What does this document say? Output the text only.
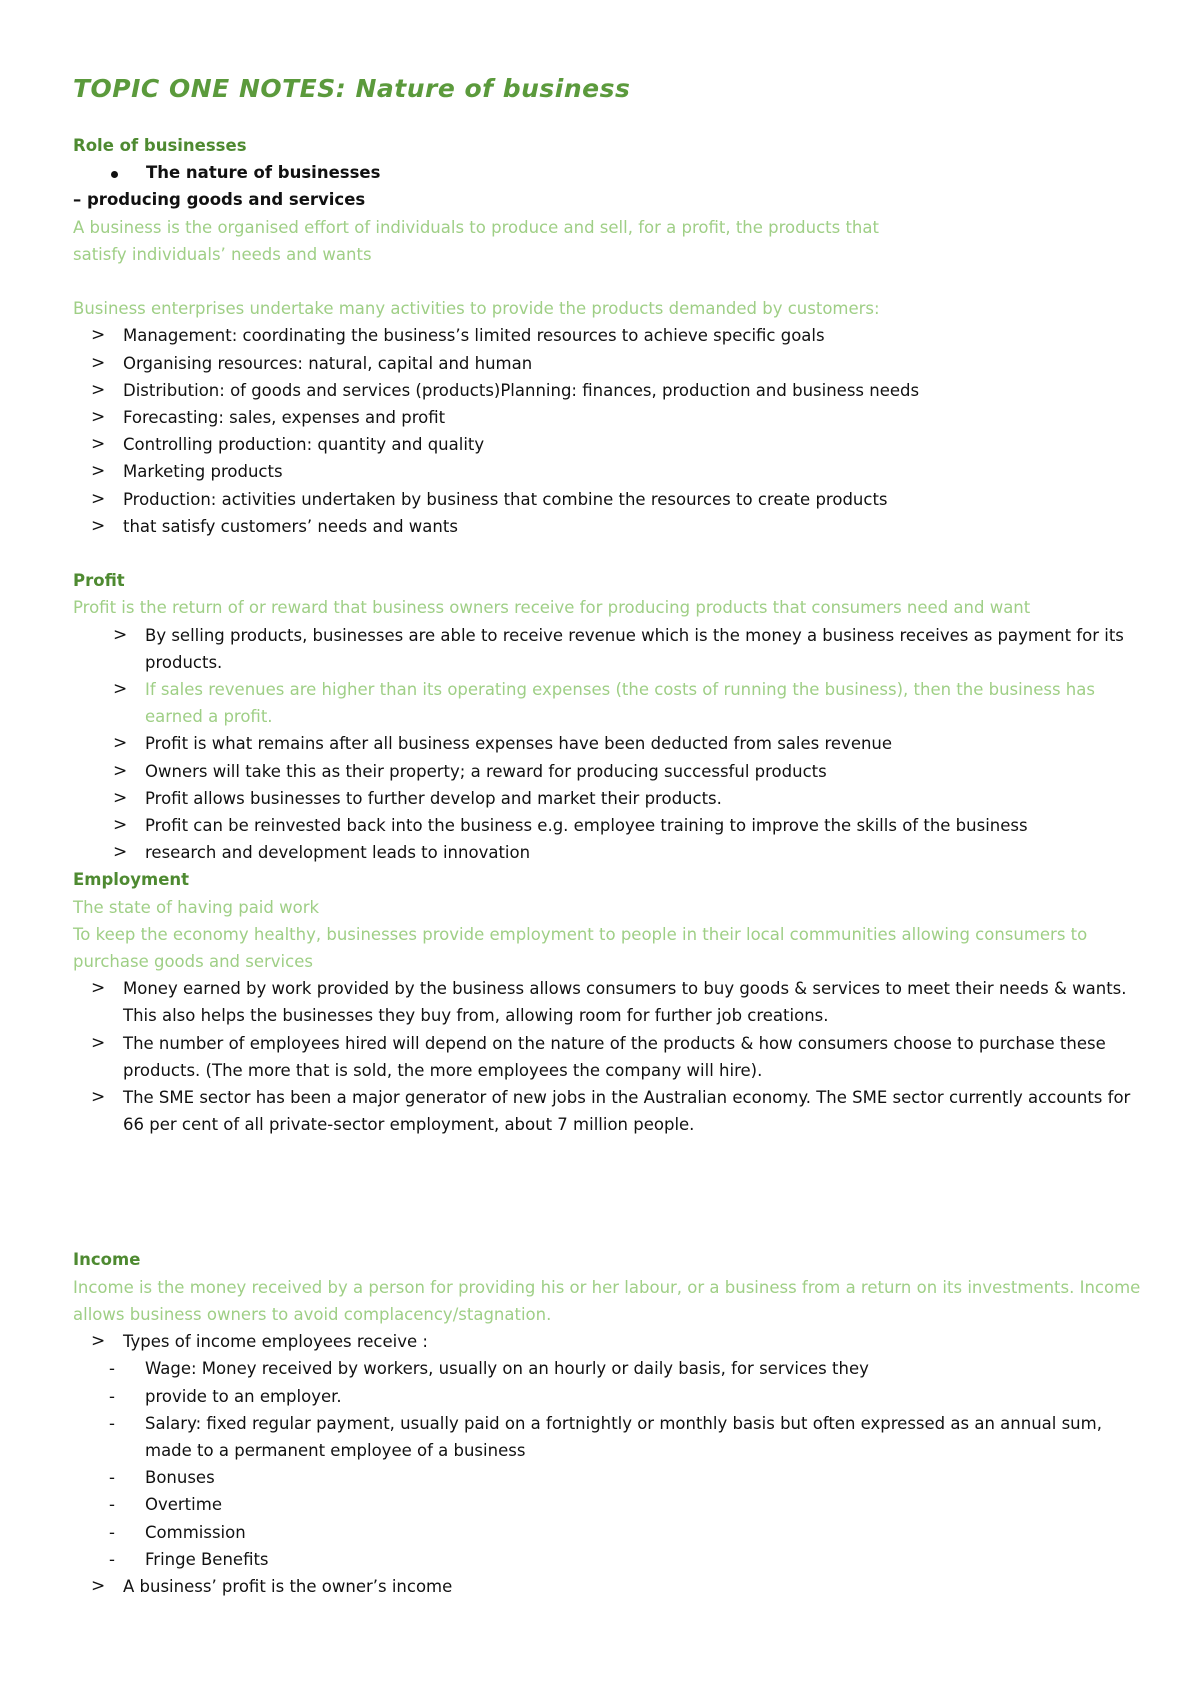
TOPIC ONE NOTES: Nature of business
Role of businesses
The nature of businesses
– producing goods and services
A business is the organised effort of individuals to produce and sell, for a profit, the products that
satisfy individuals’ needs and wants
Business enterprises undertake many activities to provide the products demanded by customers:
>	Management: coordinating the business’s limited resources to achieve specific goals
>	Organising resources: natural, capital and human
>	Distribution: of goods and services (products)Planning: finances, production and business needs
>	Forecasting: sales, expenses and profit
>	Controlling production: quantity and quality
>	Marketing products
>	Production: activities undertaken by business that combine the resources to create products
>	that satisfy customers’ needs and wants
Profit
Profit is the return of or reward that business owners receive for producing products that consumers need and want
>	By selling products, businesses are able to receive revenue which is the money a business receives as payment for its products.
>	If sales revenues are higher than its operating expenses (the costs of running the business), then the business has earned a profit.
>	Profit is what remains after all business expenses have been deducted from sales revenue
>	Owners will take this as their property; a reward for producing successful products
>	Profit allows businesses to further develop and market their products.
>	Profit can be reinvested back into the business e.g. employee training to improve the skills of the business
>	research and development leads to innovation
Employment
The state of having paid work
To keep the economy healthy, businesses provide employment to people in their local communities allowing consumers to purchase goods and services
>	Money earned by work provided by the business allows consumers to buy goods & services to meet their needs & wants. This also helps the businesses they buy from, allowing room for further job creations.
>	The number of employees hired will depend on the nature of the products & how consumers choose to purchase these products. (The more that is sold, the more employees the company will hire).
>	The SME sector has been a major generator of new jobs in the Australian economy. The SME sector currently accounts for 66 per cent of all private-sector employment, about 7 million people.
Income
Income is the money received by a person for providing his or her labour, or a business from a return on its investments. Income allows business owners to avoid complacency/stagnation.
>	Types of income employees receive :
-	Wage: Money received by workers, usually on an hourly or daily basis, for services they
-	provide to an employer.
-	Salary: fixed regular payment, usually paid on a fortnightly or monthly basis but often expressed as an annual sum, made to a permanent employee of a business
-	Bonuses
-	Overtime
-	Commission
-	Fringe Benefits
>	A business’ profit is the owner’s income
